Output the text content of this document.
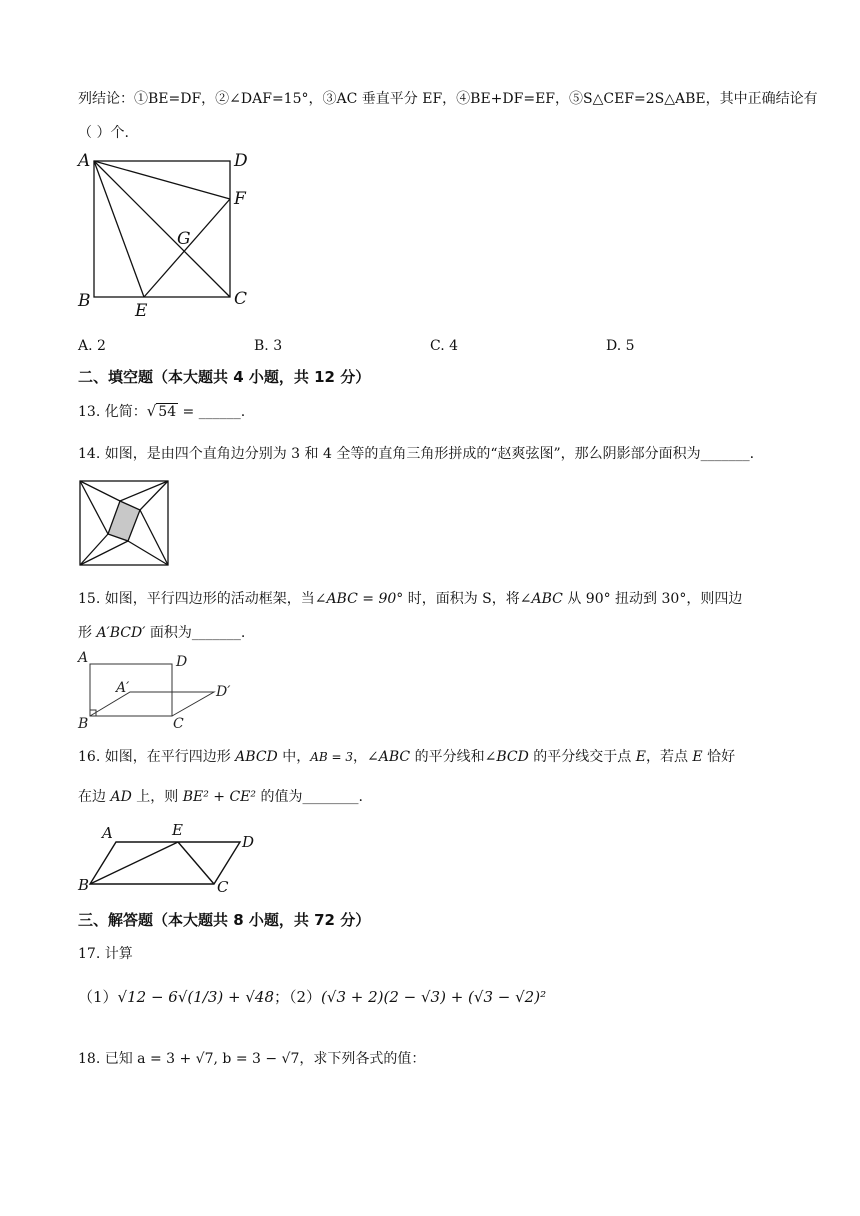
列结论：①BE=DF，②∠DAF=15°，③AC 垂直平分 EF，④BE+DF=EF，⑤S△CEF=2S△ABE，其中正确结论有
（ ）个.
A	D
F
G
B	E
C
A. 2	B. 3	C. 4	D. 5
二、填空题（本大题共 4 小题，共 12 分）
13. 化简：√ 54 = ______.
14. 如图，是由四个直角边分别为 3 和 4 全等的直角三角形拼成的“赵爽弦图”，那么阴影部分面积为_______.
15. 如图，平行四边形的活动框架，当∠ABC = 90° 时，面积为 S，将∠ABC 从 90° 扭动到 30°，则四边
形 A′BCD′ 面积为_______.
A	D
A′	D′
B	C
16. 如图，在平行四边形 ABCD 中，AB = 3，∠ABC 的平分线和∠BCD 的平分线交于点 E，若点 E 恰好
在边 AD 上，则 BE² + CE² 的值为________.
A	E
D
B	C
三、解答题（本大题共 8 小题，共 72 分）
17. 计算
（1）√12 − 6√(1/3) + √48；（2）(√3 + 2)(2 − √3) + (√3 − √2)²
18. 已知 a = 3 + √7, b = 3 − √7，求下列各式的值：
